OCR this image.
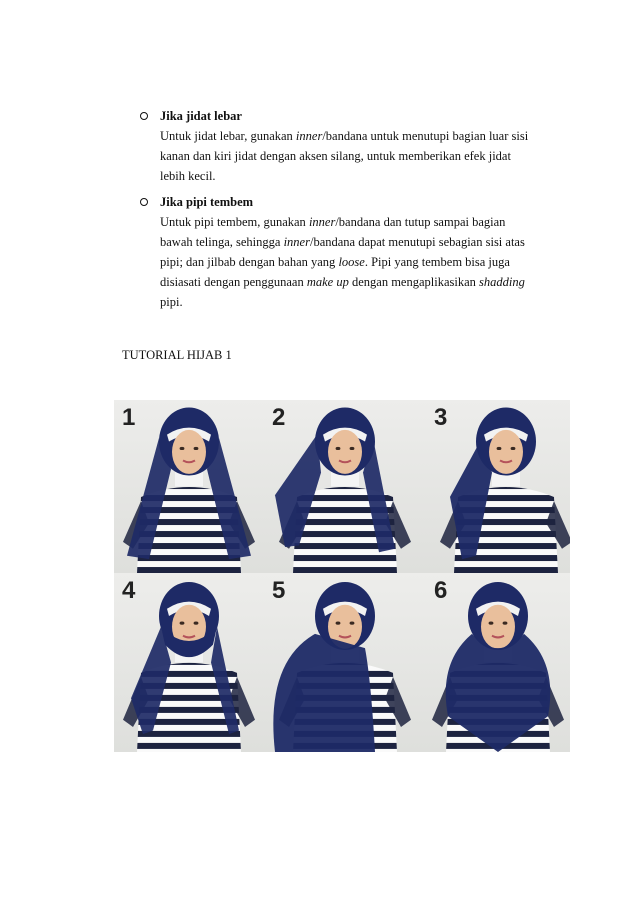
Jika jidat lebar
Untuk jidat lebar, gunakan inner/bandana untuk menutupi bagian luar sisi
kanan dan kiri jidat dengan aksen silang, untuk memberikan efek jidat
lebih kecil.
Jika pipi tembem
Untuk pipi tembem, gunakan inner/bandana dan tutup sampai bagian
bawah telinga, sehingga inner/bandana dapat menutupi sebagian sisi atas
pipi; dan jilbab dengan bahan yang loose. Pipi yang tembem bisa juga
disiasati dengan penggunaan make up dengan mengaplikasikan shadding
pipi.
TUTORIAL HIJAB 1
1	2	3
4	5	6
